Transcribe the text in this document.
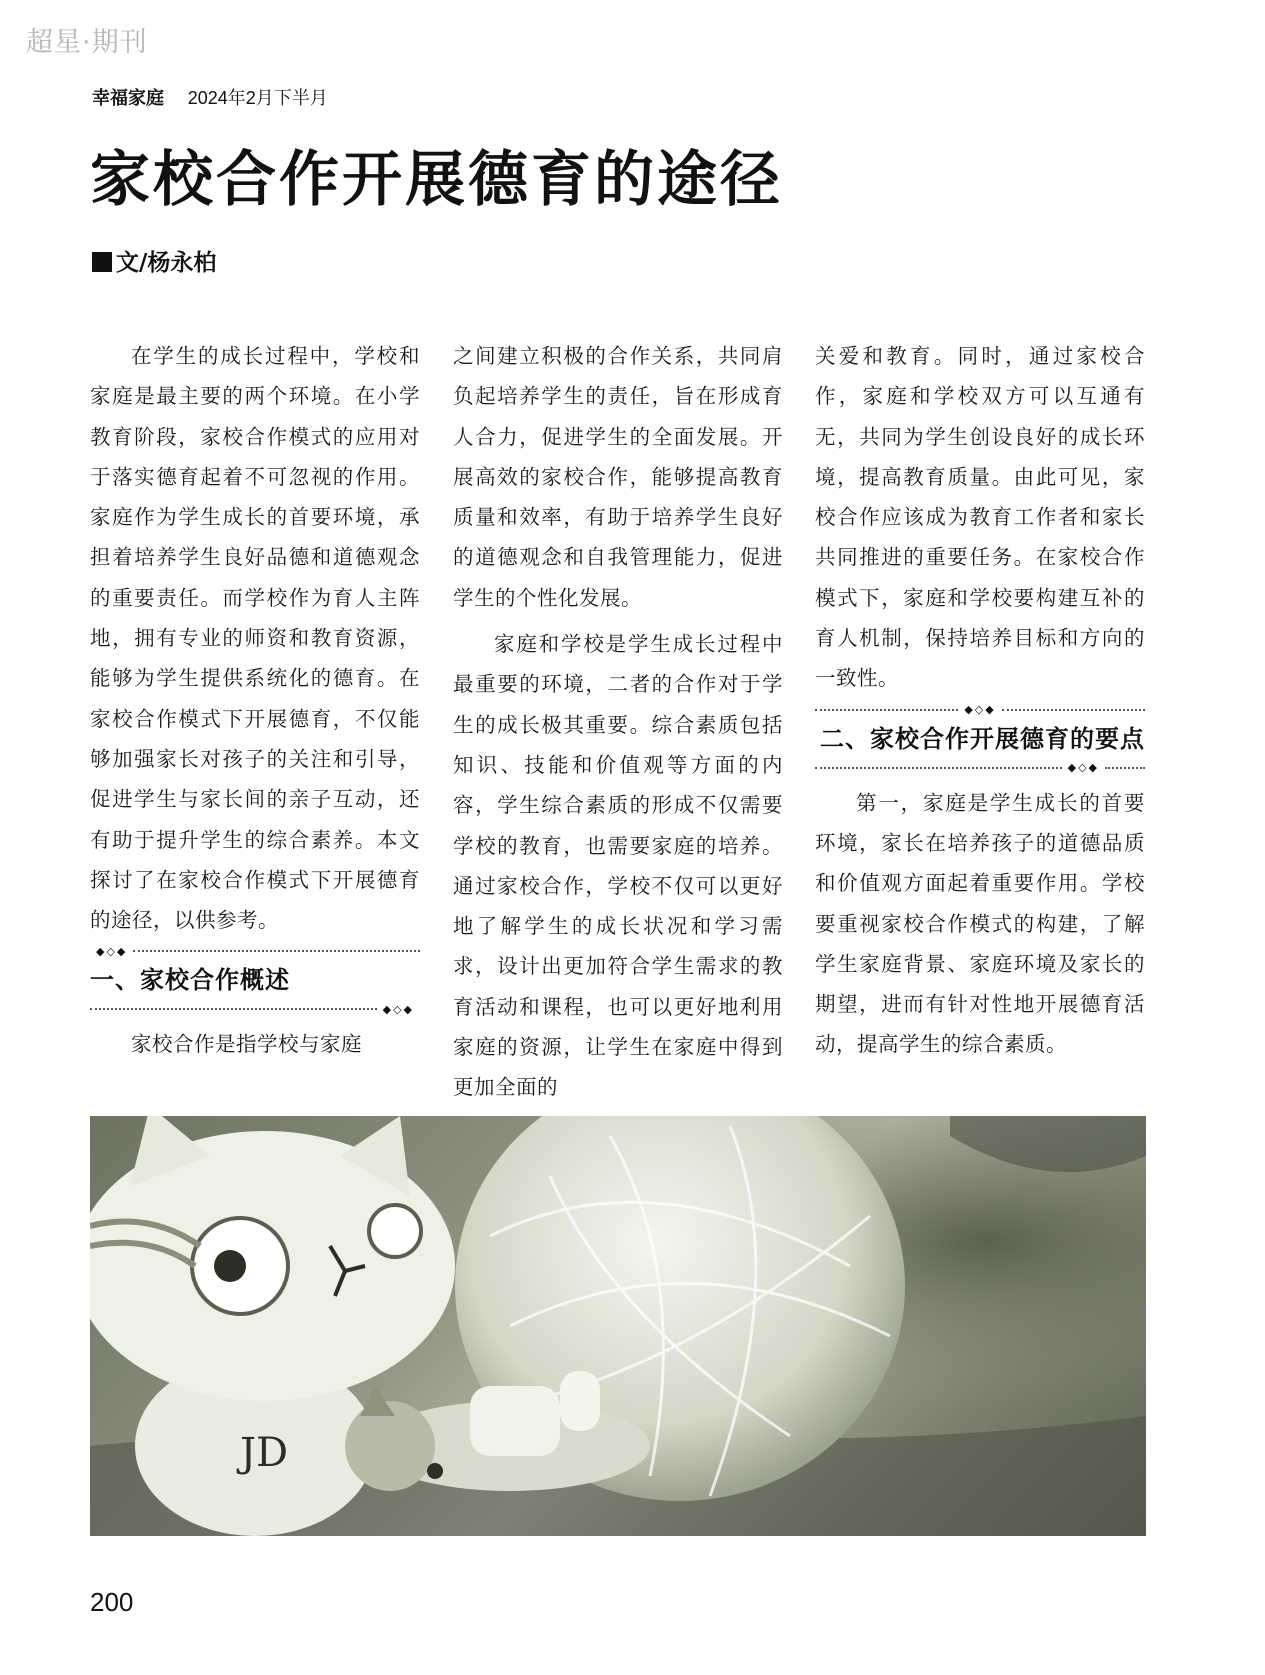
超星·期刊
幸福家庭 2024年2月下半月
家校合作开展德育的途径
文/杨永柏

在学生的成长过程中，学校和家庭是最主要的两个环境。在小学教育阶段，家校合作模式的应用对于落实德育起着不可忽视的作用。家庭作为学生成长的首要环境，承担着培养学生良好品德和道德观念的重要责任。而学校作为育人主阵地，拥有专业的师资和教育资源，能够为学生提供系统化的德育。在家校合作模式下开展德育，不仅能够加强家长对孩子的关注和引导，促进学生与家长间的亲子互动，还有助于提升学生的综合素养。本文探讨了在家校合作模式下开展德育的途径，以供参考。

◆◇◆
一、家校合作概述
◆◇◆

家校合作是指学校与家庭

之间建立积极的合作关系，共同肩负起培养学生的责任，旨在形成育人合力，促进学生的全面发展。开展高效的家校合作，能够提高教育质量和效率，有助于培养学生良好的道德观念和自我管理能力，促进学生的个性化发展。

家庭和学校是学生成长过程中最重要的环境，二者的合作对于学生的成长极其重要。综合素质包括知识、技能和价值观等方面的内容，学生综合素质的形成不仅需要学校的教育，也需要家庭的培养。通过家校合作，学校不仅可以更好地了解学生的成长状况和学习需求，设计出更加符合学生需求的教育活动和课程，也可以更好地利用家庭的资源，让学生在家庭中得到更加全面的

关爱和教育。同时，通过家校合作，家庭和学校双方可以互通有无，共同为学生创设良好的成长环境，提高教育质量。由此可见，家校合作应该成为教育工作者和家长共同推进的重要任务。在家校合作模式下，家庭和学校要构建互补的育人机制，保持培养目标和方向的一致性。

◆◇◆
二、家校合作开展德育的要点
◆◇◆

第一，家庭是学生成长的首要环境，家长在培养孩子的道德品质和价值观方面起着重要作用。学校要重视家校合作模式的构建，了解学生家庭背景、家庭环境及家长的期望，进而有针对性地开展德育活动，提高学生的综合素质。

JD
200
